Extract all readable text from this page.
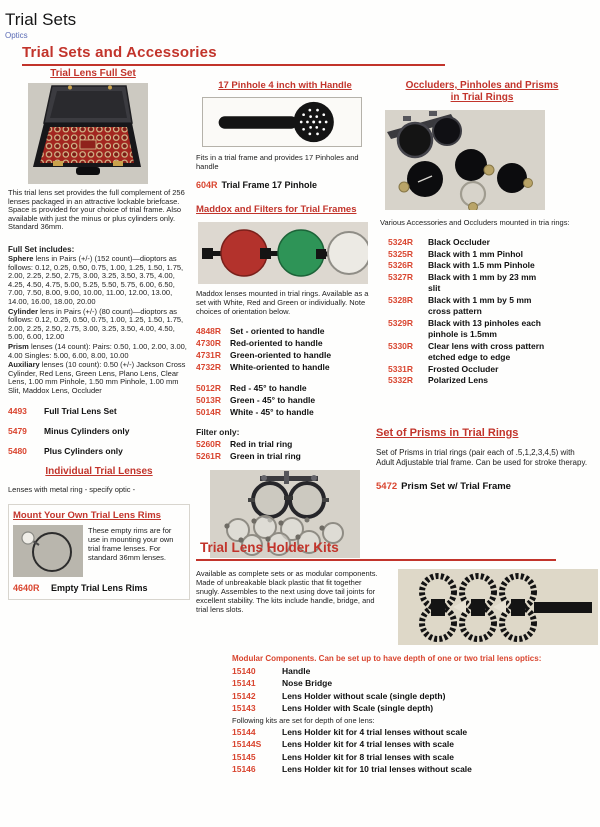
Trial Sets
Optics
Trial Sets and Accessories
Trial Lens Full Set

This trial lens set provides the full complement of 256 lenses packaged in an attractive lockable briefcase. Space is provided for your choice of trial frame. Also available with just the minus or plus cylinders only. Standard 36mm.

Full Set includes:

Sphere lens in Pairs (+/-) (152 count)—dioptors as follows: 0.12, 0.25, 0.50, 0.75, 1.00, 1.25, 1.50, 1.75, 2.00, 2.25, 2.50, 2.75, 3.00, 3.25, 3.50, 3.75, 4.00, 4.25, 4.50, 4.75, 5.00, 5.25, 5.50, 5.75, 6.00, 6.50, 7.00, 7.50, 8.00, 9.00, 10.00, 11.00, 12.00, 13.00, 14.00, 16.00, 18.00, 20.00

Cylinder lens in Pairs (+/-) (80 count)—dioptors as follows: 0.12, 0.25, 0.50, 0.75, 1.00, 1.25, 1.50, 1.75, 2.00, 2.25, 2.50, 2.75, 3.00, 3.25, 3.50, 4.00, 4.50, 5.00, 6.00, 12.00

Prism lenses (14 count): Pairs: 0.50, 1.00, 2.00, 3.00, 4.00 Singles: 5.00, 6.00, 8.00, 10.00

Auxiliary lenses (10 count): 0.50 (+/-) Jackson Cross Cylinder, Red Lens, Green Lens, Plano Lens, Clear Lens, 1.00 mm Pinhole, 1.50 mm Pinhole, 1.00 mm Slit, Maddox Lens, Occluder

4493	Full Trial Lens Set
5479	Minus Cylinders only
5480	Plus Cylinders only
Individual Trial Lenses

Lenses with metal ring - specify optic -

Mount Your Own Trial Lens Rims

These empty rims are for use in mounting your own trial frame lenses. For standard 36mm lenses.

4640R	Empty Trial Lens Rims
17 Pinhole 4 inch with Handle

Fits in a trial frame and provides 17 Pinholes and handle

604R Trial Frame 17 Pinhole
Maddox and Filters for Trial Frames

Maddox lenses mounted in trial rings. Available as a set with White, Red and Green or individually. Note choices of orientation below.

4848R	Set - oriented to handle
4730R	Red-oriented to handle
4731R	Green-oriented to handle
4732R	White-oriented to handle
5012R	Red - 45° to handle
5013R	Green - 45° to handle
5014R	White - 45° to handle
Filter only:
5260R	Red in trial ring
5261R	Green in trial ring
Occluders, Pinholes and Prisms
in Trial Rings

Various Accessories and Occluders mounted in tria rings:

5324R	Black Occluder
5325R	Black with 1 mm Pinhol
5326R	Black with 1.5 mm Pinhole
5327R	Black with 1 mm by 23 mm slit
5328R	Black with 1 mm by 5 mm cross pattern
5329R	Black with 13 pinholes each pinhole is 1.5mm
5330R	Clear lens with cross pattern etched edge to edge
5331R	Frosted Occluder
5332R	Polarized Lens
Set of Prisms in Trial Rings

Set of Prisms in trial rings (pair each of .5,1,2,3,4,5) with Adult Adjustable trial frame. Can be used for stroke therapy.

5472 Prism Set w/ Trial Frame
Trial Lens Holder Kits

Available as complete sets or as modular components. Made of unbreakable black plastic that fit together snugly. Assembles to the next using dove tail joints for excellent stability. The kits include handle, bridge, and trial lens slots.

Modular Components. Can be set up to have depth of one or two trial lens optics:
15140	Handle
15141	Nose Bridge
15142	Lens Holder without scale (single depth)
15143	Lens Holder with Scale (single depth)
Following kits are set for depth of one lens:
15144	Lens Holder kit for 4 trial lenses without scale
15144S	Lens Holder kit for 4 trial lenses with scale
15145	Lens Holder kit for 8 trial lenses with scale
15146	Lens Holder kit for 10 trial lenses without scale
